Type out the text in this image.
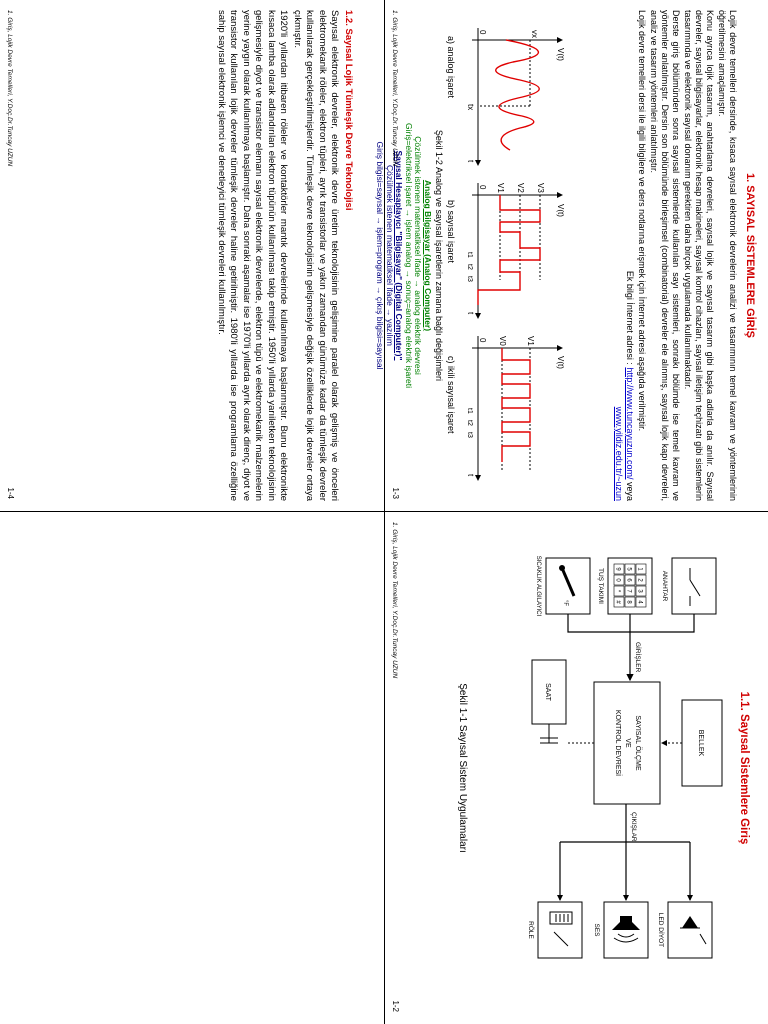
1. SAYISAL SİSTEMLERE GİRİŞ

Lojik devre temelleri dersinde, kısaca sayısal elektronik devrelerin analizi ve tasarımının temel kavram ve yöntemlerinin öğretilmesini amaçlamıştır.

Konu ayrıca lojik tasarım, anahtarlama devreleri, sayısal lojik ve sayısal tasarım gibi başka adlarla da anılır. Sayısal devreler, sayısal bilgisayarlar, elektronik hesap makineleri, sayısal kontrol cihazları, sayısal iletişim teçhizatı gibi sistemlerin tasarımında ve elektronik sayısal donanım gerektiren daha birçok uygulamada kullanılmaktadır.

Derste giriş bölümünden sonra sayısal sistemlerde kullanılan sayı sistemleri, sonrakı bölümde ise temel kavram ve yöntemler anlatılmıştır. Dersin son bölümünde birleşimsel (combinatorial) devreler ele alınmış, sayısal lojik kapı devreleri, analiz ve tasarım yöntemleri anlatılmıştır.

Lojik devre temelleri dersi ile ilgili bilgilere ve ders notlarına erişmek için İnternet adresi aşağıda verilmiştir.

Ek bilgi İnternet adresi : http://www.tuncayuzun.com/ veya
www.yildiz.edu.tr/~uzun

V(t)
0
t
vx
tx
V(t)
0
t
V3
V2
V1
t1
t2
t3
V(t)
0
t
V1
V0
t1
t2
t3
a) analog işaret
b) sayısal işaret
c) ikili sayısal işaret
Şekil 1-2 Analog ve sayısal işaretlerin zamana bağlı değişimleri
Analog Bilgisayar (Analog Computer)
Çözülmek istenen matematiksel ifade → analog elektrik devresi
Giriş=elektriksel işaret → işlem analog → sonuç=analog elektrik işareti
Sayısal Hesaplayıcı "Bilgisayar" (Digital Computer)"
Çözülmek istenen matematiksel ifade → yazılım
Giriş bilgisi=sayısal → işlem=program → çıkış bilgisi=sayısal
1. Giriş, Lojik Devre Temelleri, Y.Doç.Dr.Tuncay UZUN
1-3
1.1. Sayısal Sistemlere Giriş
ANAHTAR
1
2
3
4
5
6
7
8
9
0
*
#
TUŞ TAKIMI
°F
SICAKLIK ALGILAYICI
GİRİŞLER
BELLEK
SAYISAL ÖLÇME
VE
KONTROL DEVRESİ
SAAT
ÇIKIŞLAR
LED DİYOT
SES
RÖLE
Şekil 1-1 Sayısal Sistem Uygulamaları
1. Giriş, Lojik Devre Temelleri, Y.Doç.Dr.Tuncay UZUN
1-2
1.2. Sayısal Lojik Tümleşik Devre Teknolojisi

Sayısal elektronik devreler, elektronik devre üretim teknolojisinin gelişimine paralel olarak gelişmiş ve önceleri elektromekanik röleler, elektron tüpleri, ayrık transistorlar ve yakın zamandan günümüze kadar da tümleşik devreler kullanılarak gerçekleştirilmişlerdir. Tümleşik devre teknolojisinin gelişmesiyle değişik özelliklerde lojik devreler ortaya çıkmıştır.

1920'li yıllardan itibaren röleler ve kontaktörler mantık devrelerinde kullanılmaya başlanmıştır. Bunu elektronikte kısaca lamba olarak adlandırılan elektron tüpünün kullanılması takip etmiştir. 1950'li yıllarda yarıiletken teknolojisinin gelişmesiyle diyot ve transistor elemanı sayısal elektronik devrelerde, elektron tüpü ve elektromekanik malzemelerin yerine yaygın olarak kullanılmaya başlamıştır. Daha sonraki aşamalar ise 1970'li yıllarda ayrık olarak direnç, diyot ve transistor kullanılan lojik devreler tümleşik devreler haline getirilmiştir. 1980'li yıllarda ise programlama özelliğine sahip sayısal elektronik işlemci ve denetleyici tümleşik devreleri kullanılmıştır.

1. Giriş, Lojik Devre Temelleri, Y.Doç.Dr.Tuncay UZUN
1-4
